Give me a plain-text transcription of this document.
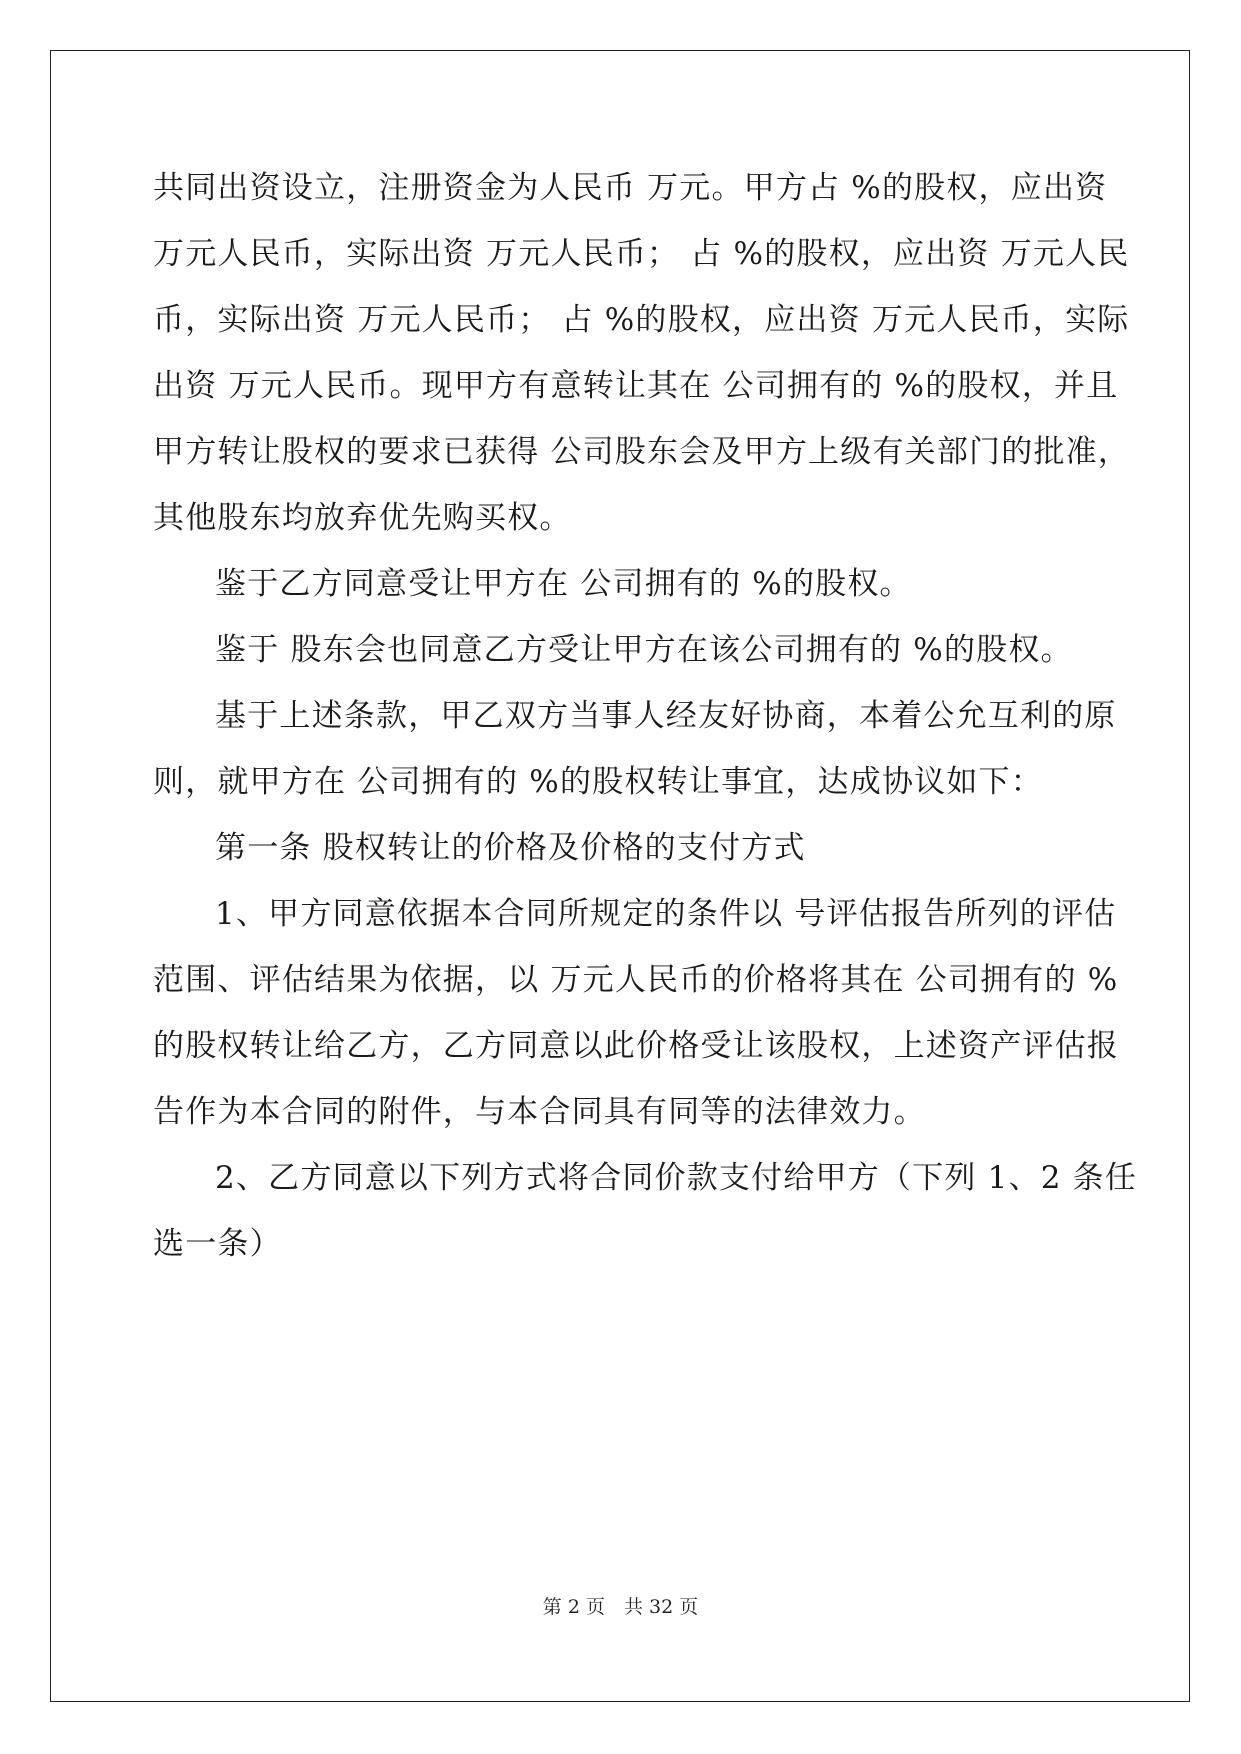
共同出资设立，注册资金为人民币 万元。甲方占 %的股权，应出资
万元人民币，实际出资 万元人民币； 占 %的股权，应出资 万元人民
币，实际出资 万元人民币； 占 %的股权，应出资 万元人民币，实际
出资 万元人民币。现甲方有意转让其在 公司拥有的 %的股权，并且
甲方转让股权的要求已获得 公司股东会及甲方上级有关部门的批准，
其他股东均放弃优先购买权。
鉴于乙方同意受让甲方在 公司拥有的 %的股权。
鉴于 股东会也同意乙方受让甲方在该公司拥有的 %的股权。
基于上述条款，甲乙双方当事人经友好协商，本着公允互利的原
则，就甲方在 公司拥有的 %的股权转让事宜，达成协议如下：
第一条 股权转让的价格及价格的支付方式
1、甲方同意依据本合同所规定的条件以 号评估报告所列的评估
范围、评估结果为依据，以 万元人民币的价格将其在 公司拥有的 %
的股权转让给乙方，乙方同意以此价格受让该股权，上述资产评估报
告作为本合同的附件，与本合同具有同等的法律效力。
2、乙方同意以下列方式将合同价款支付给甲方（下列 1、2 条任
选一条）
第 2 页　共 32 页
